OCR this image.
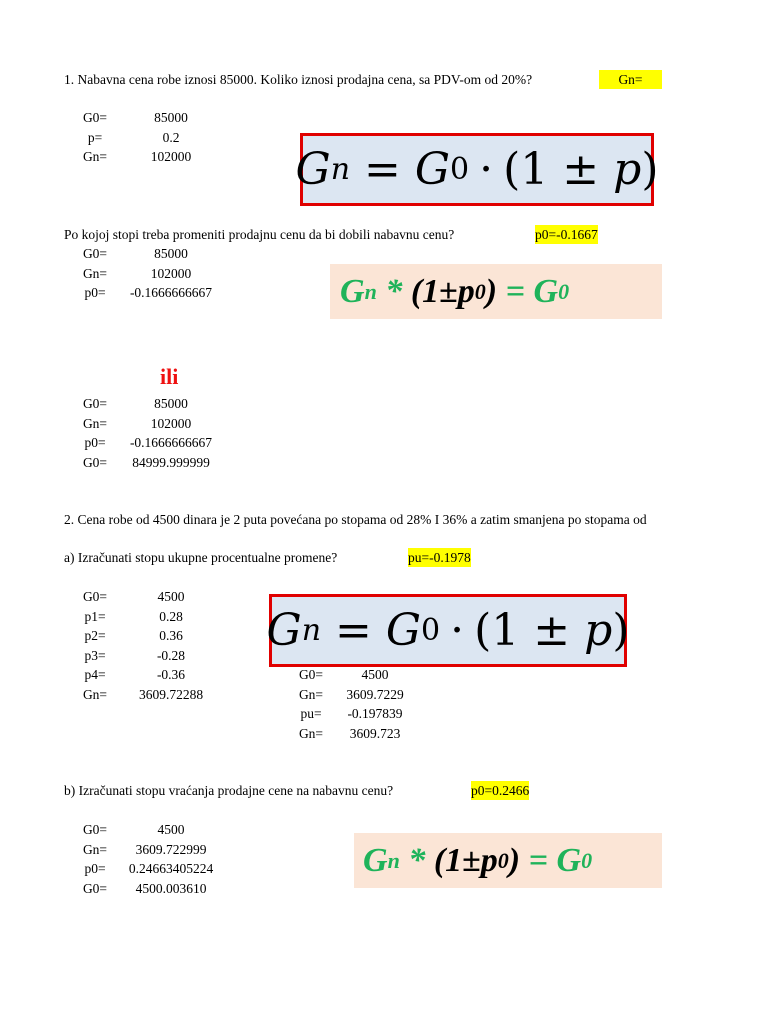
1. Nabavna cena robe iznosi 85000. Koliko iznosi prodajna cena, sa PDV-om od 20%?	Gn=
G0=	85000
p=	0.2
Gn=	102000	G n = G 0 · (1 ± p )
Po kojoj stopi treba promeniti prodajnu cenu da bi dobili nabavnu cenu?	p0=-0.1667
G0=	85000
Gn=	102000
p0=	-0.1666666667	G n * (1± p 0 ) = G 0
ili
G0=	85000
Gn=	102000
p0=	-0.1666666667
G0=	84999.999999
2. Cena robe od 4500 dinara je 2 puta povećana po stopama od 28% I 36% a zatim smanjena po stopama od
a) Izračunati stopu ukupne procentualne promene?	pu=-0.1978
G0=	4500
p1=	0.28
p2=	0.36
p3=	-0.28
p4=	-0.36
Gn=	3609.72288
G n = G 0 · (1 ± p )
G0=	4500
Gn=	3609.7229
pu=	-0.197839
Gn=	3609.723
b) Izračunati stopu vraćanja prodajne cene na nabavnu cenu?	p0=0.2466
G0=	4500
Gn=	3609.722999
p0=	0.24663405224
G0=	4500.003610
G n * (1± p 0 ) = G 0
